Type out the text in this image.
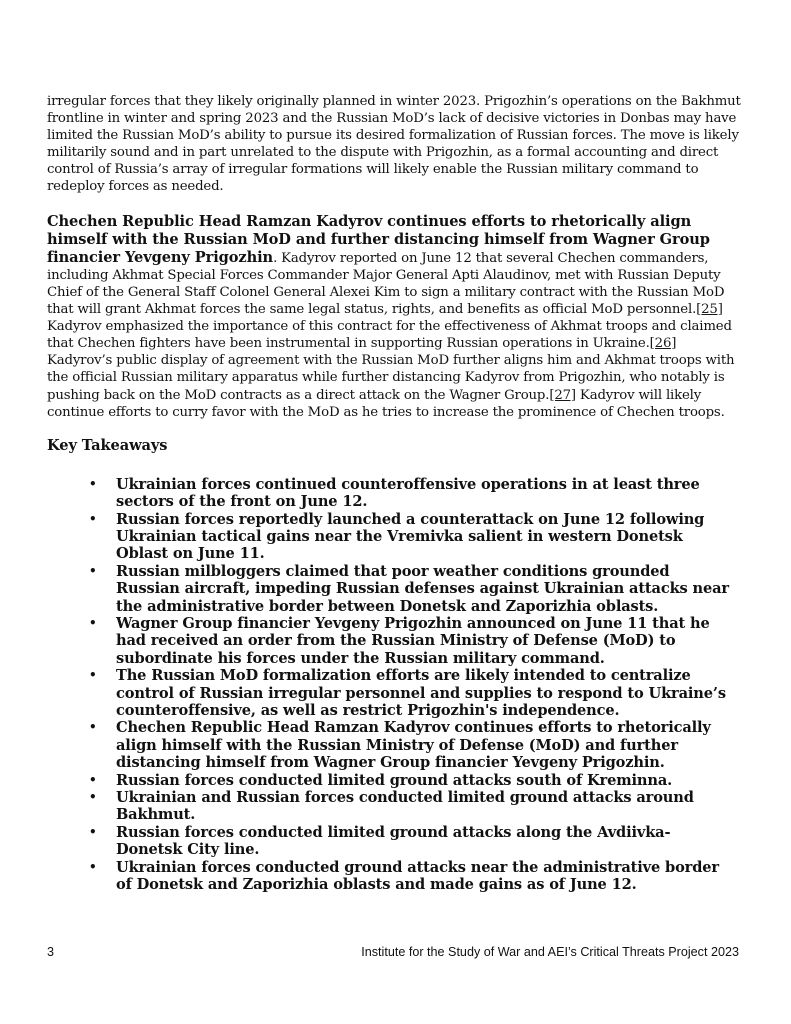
irregular forces that they likely originally planned in winter 2023. Prigozhin’s operations on the Bakhmut frontline in winter and spring 2023 and the Russian MoD’s lack of decisive victories in Donbas may have limited the Russian MoD’s ability to pursue its desired formalization of Russian forces. The move is likely militarily sound and in part unrelated to the dispute with Prigozhin, as a formal accounting and direct control of Russia’s array of irregular formations will likely enable the Russian military command to redeploy forces as needed.

Chechen Republic Head Ramzan Kadyrov continues efforts to rhetorically align himself with the Russian MoD and further distancing himself from Wagner Group financier Yevgeny Prigozhin. Kadyrov reported on June 12 that several Chechen commanders, including Akhmat Special Forces Commander Major General Apti Alaudinov, met with Russian Deputy Chief of the General Staff Colonel General Alexei Kim to sign a military contract with the Russian MoD that will grant Akhmat forces the same legal status, rights, and benefits as official MoD personnel.[25] Kadyrov emphasized the importance of this contract for the effectiveness of Akhmat troops and claimed that Chechen fighters have been instrumental in supporting Russian operations in Ukraine.[26] Kadyrov’s public display of agreement with the Russian MoD further aligns him and Akhmat troops with the official Russian military apparatus while further distancing Kadyrov from Prigozhin, who notably is pushing back on the MoD contracts as a direct attack on the Wagner Group.[27] Kadyrov will likely continue efforts to curry favor with the MoD as he tries to increase the prominence of Chechen troops.

Key Takeaways
• Ukrainian forces continued counteroffensive operations in at least three sectors of the front on June 12.
• Russian forces reportedly launched a counterattack on June 12 following Ukrainian tactical gains near the Vremivka salient in western Donetsk Oblast on June 11.
• Russian milbloggers claimed that poor weather conditions grounded Russian aircraft, impeding Russian defenses against Ukrainian attacks near the administrative border between Donetsk and Zaporizhia oblasts.
• Wagner Group financier Yevgeny Prigozhin announced on June 11 that he had received an order from the Russian Ministry of Defense (MoD) to subordinate his forces under the Russian military command.
• The Russian MoD formalization efforts are likely intended to centralize control of Russian irregular personnel and supplies to respond to Ukraine’s counteroffensive, as well as restrict Prigozhin's independence.
• Chechen Republic Head Ramzan Kadyrov continues efforts to rhetorically align himself with the Russian Ministry of Defense (MoD) and further distancing himself from Wagner Group financier Yevgeny Prigozhin.
• Russian forces conducted limited ground attacks south of Kreminna.
• Ukrainian and Russian forces conducted limited ground attacks around Bakhmut.
• Russian forces conducted limited ground attacks along the Avdiivka-Donetsk City line.
• Ukrainian forces conducted ground attacks near the administrative border of Donetsk and Zaporizhia oblasts and made gains as of June 12.
3	Institute for the Study of War and AEI’s Critical Threats Project 2023
